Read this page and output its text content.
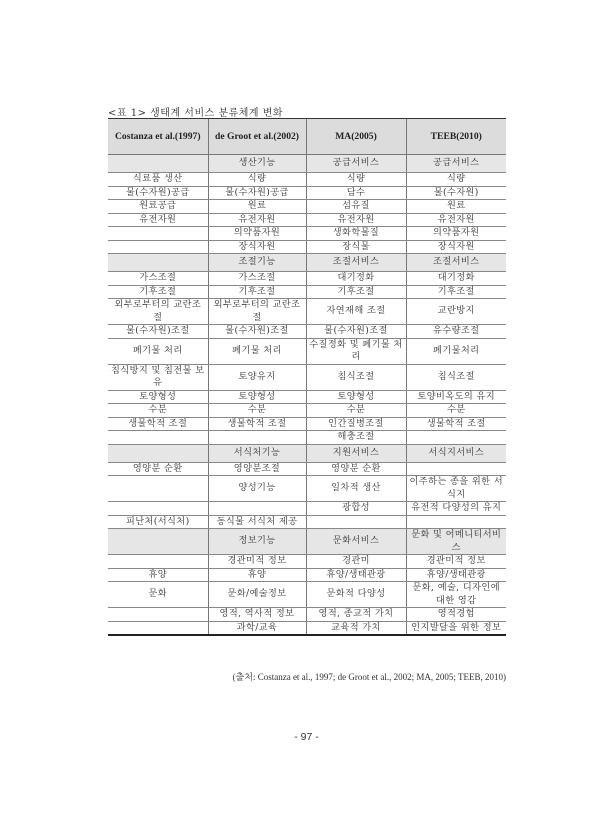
<표 1> 생태계 서비스 분류체계 변화
Costanza et al.(1997)	de Groot et al.(2002)	MA(2005)	TEEB(2010)
	생산기능	공급서비스	공급서비스
식료품 생산	식량	식량	식량
물(수자원)공급	물(수자원)공급	담수	물(수자원)
원료공급	원료	섬유질	원료
유전자원	유전자원	유전자원	유전자원
	의약품자원	생화학물질	의약품자원
	장식자원	장식물	장식자원
	조절기능	조절서비스	조절서비스
가스조절	가스조절	대기정화	대기정화
기후조절	기후조절	기후조절	기후조절
외부로부터의 교란조절	외부로부터의 교란조절	자연재해 조절	교란방지
물(수자원)조절	물(수자원)조절	물(수자원)조절	유수량조절
폐기물 처리	폐기물 처리	수질정화 및 폐기물 처리	폐기물처리
침식방지 및 침전물 보유	토양유지	침식조절	침식조절
토양형성	토양형성	토양형성	토양비옥도의 유지
수분	수분	수분	수분
생물학적 조절	생물학적 조절	인간질병조절	생물학적 조절
		해충조절	
	서식처기능	지원서비스	서식지서비스
영양분 순환	영양분조절	영양분 순환	
	양성기능	일차적 생산	이주하는 종을 위한 서식지
		광합성	유전적 다양성의 유지
피난처(서식처)	동식물 서식처 제공		
	정보기능	문화서비스	문화 및 어메니티서비스
	경관미적 정보	경관미	경관미적 정보
휴양	휴양	휴양/생태관광	휴양/생태관광
문화	문화/예술정보	문화적 다양성	문화, 예술, 디자인에 대한 영감
	영적, 역사적 정보	영적, 종교적 가치	영적경험
	과학/교육	교육적 가치	인지발달을 위한 정보
(출처: Costanza et al., 1997; de Groot et al., 2002; MA, 2005; TEEB, 2010)
- 97 -
